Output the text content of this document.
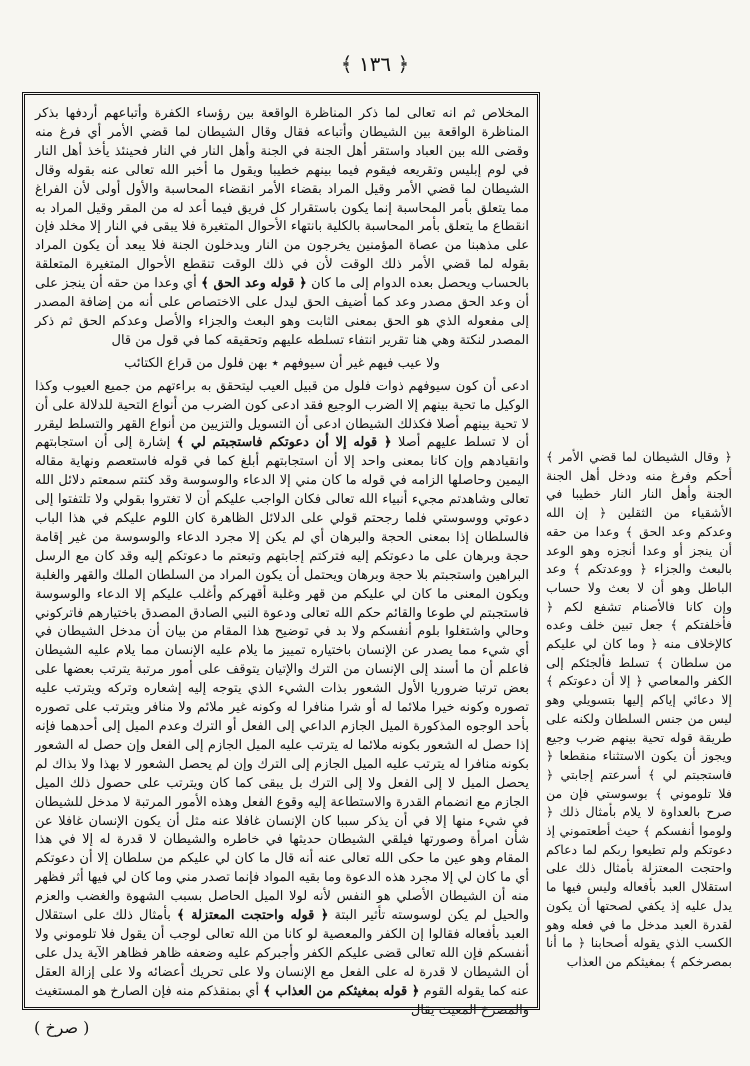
﴿ ١٣٦ ﴾
المخلاص ثم انه تعالى لما ذكر المناظرة الواقعة بين رؤساء الكفرة وأتباعهم أردفها بذكر المناظرة الواقعة بين الشيطان وأتباعه فقال وقال الشيطان لما قضي الأمر أي فرغ منه وقضى الله بين العباد واستقر أهل الجنة في الجنة وأهل النار في النار فحينئذ يأخذ أهل النار في لوم إبليس وتقريعه فيقوم فيما بينهم خطيبا ويقول ما أخبر الله تعالى عنه بقوله وقال الشيطان لما قضي الأمر وقيل المراد بقضاء الأمر انقضاء المحاسبة والأول أولى لأن الفراغ مما يتعلق بأمر المحاسبة إنما يكون باستقرار كل فريق فيما أعد له من المقر وقيل المراد به انقطاع ما يتعلق بأمر المحاسبة بالكلية بانتهاء الأحوال المتغيرة فلا يبقى في النار إلا مخلد فإن على مذهبنا من عصاة المؤمنين يخرجون من النار ويدخلون الجنة فلا يبعد أن يكون المراد بقوله لما قضي الأمر ذلك الوقت لأن في ذلك الوقت تنقطع الأحوال المتغيرة المتعلقة بالحساب ويحصل بعده الدوام إلى ما كان ﴿ قوله وعد الحق ﴾ أي وعدا من حقه أن ينجز على أن وعد الحق مصدر وعد كما أضيف الحق ليدل على الاختصاص على أنه من إضافة المصدر إلى مفعوله الذي هو الحق بمعنى الثابت وهو البعث والجزاء والأصل وعدكم الحق ثم ذكر المصدر لنكتة وهي هنا تقرير انتفاء تسلطه عليهم وتحقيقه كما في قول من قال
ولا عيب فيهم غير أن سيوفهم ٭ بهن فلول من قراع الكتائب
ادعى أن كون سيوفهم ذوات فلول من قبيل العيب ليتحقق به براءتهم من جميع العيوب وكذا الوكيل ما تحية بينهم إلا الضرب الوجيع فقد ادعى كون الضرب من أنواع التحية للدلالة على أن لا تحية بينهم أصلا فكذلك الشيطان ادعى أن التسويل والتزيين من أنواع القهر والتسلط ليقرر أن لا تسلط عليهم أصلا ﴿ قوله إلا أن دعوتكم فاستجبتم لي ﴾ إشارة إلى أن استجابتهم وانقيادهم وإن كانا بمعنى واحد إلا أن استجابتهم أبلغ كما في قوله فاستعصم ونهاية مقاله اليمين وحاصلها الزامه في قوله ما كان مني إلا الدعاء والوسوسة وقد كنتم سمعتم دلائل الله تعالى وشاهدتم مجيء أنبياء الله تعالى فكان الواجب عليكم أن لا تغتروا بقولي ولا تلتفتوا إلى دعوتي ووسوستي فلما رجحتم قولي على الدلائل الظاهرة كان اللوم عليكم في هذا الباب فالسلطان إذا بمعنى الحجة والبرهان أي لم يكن إلا مجرد الدعاء والوسوسة من غير إقامة حجة وبرهان على ما دعوتكم إليه فتركتم إجابتهم وتبعتم ما دعوتكم إليه وقد كان مع الرسل البراهين واستجبتم بلا حجة وبرهان ويحتمل أن يكون المراد من السلطان الملك والقهر والغلبة ويكون المعنى ما كان لي عليكم من قهر وغلبة أقهركم وأغلب عليكم إلا الدعاء والوسوسة فاستجبتم لي طوعا والقائم حكم الله تعالى ودعوة النبي الصادق المصدق باختيارهم فاتركوني وحالي واشتغلوا بلوم أنفسكم ولا بد في توضيح هذا المقام من بيان أن مدخل الشيطان في أي شيء مما يصدر عن الإنسان باختياره تمييز ما يلام عليه الإنسان مما يلام عليه الشيطان فاعلم أن ما أسند إلى الإنسان من الترك والإتيان يتوقف على أمور مرتبة يترتب بعضها على بعض ترتبا ضروريا الأول الشعور بذات الشيء الذي يتوجه إليه إشعاره وتركه ويترتب عليه تصوره وكونه خيرا ملائما له أو شرا منافرا له وكونه غير ملائم ولا منافر ويترتب على تصوره بأحد الوجوه المذكورة الميل الجازم الداعي إلى الفعل أو الترك وعدم الميل إلى أحدهما فإنه إذا حصل له الشعور بكونه ملائما له يترتب عليه الميل الجازم إلى الفعل وإن حصل له الشعور بكونه منافرا له يترتب عليه الميل الجازم إلى الترك وإن لم يحصل الشعور لا بهذا ولا بذاك لم يحصل الميل لا إلى الفعل ولا إلى الترك بل يبقى كما كان ويترتب على حصول ذلك الميل الجازم مع انضمام القدرة والاستطاعة إليه وقوع الفعل وهذه الأمور المرتبة لا مدخل للشيطان في شيء منها إلا في أن يذكر سببا كان الإنسان غافلا عنه مثل أن يكون الإنسان غافلا عن شأن امرأة وصورتها فيلقي الشيطان حديثها في خاطره والشيطان لا قدرة له إلا في هذا المقام وهو عين ما حكى الله تعالى عنه أنه قال ما كان لي عليكم من سلطان إلا أن دعوتكم أي ما كان لي إلا مجرد هذه الدعوة وما بقيه المواد فإنما تصدر مني وما كان لي فيها أثر فظهر منه أن الشيطان الأصلي هو النفس لأنه لولا الميل الحاصل بسبب الشهوة والغضب والعزم والحيل لم يكن لوسوسته تأثير البتة ﴿ قوله واحتجت المعتزلة ﴾ بأمثال ذلك على استقلال العبد بأفعاله فقالوا إن الكفر والمعصية لو كانا من الله تعالى لوجب أن يقول فلا تلوموني ولا أنفسكم فإن الله تعالى قضى عليكم الكفر وأجبركم عليه وضعفه ظاهر فظاهر الآية يدل على أن الشيطان لا قدرة له على الفعل مع الإنسان ولا على تحريك أعضائه ولا على إزالة العقل عنه كما يقوله القوم ﴿ قوله بمغيثكم من العذاب ﴾ أي بمنقذكم منه فإن الصارخ هو المستغيث والمصرخ المغيث يقال
﴿ وقال الشيطان لما قضي الأمر ﴾ أحكم وفرغ منه ودخل أهل الجنة الجنة وأهل النار النار خطيبا في الأشقياء من الثقلين ﴿ إن الله وعدكم وعد الحق ﴾ وعدا من حقه أن ينجز أو وعدا أنجزه وهو الوعد بالبعث والجزاء ﴿ ووعدتكم ﴾ وعد الباطل وهو أن لا بعث ولا حساب وإن كانا فالأصنام تشفع لكم ﴿ فأخلفتكم ﴾ جعل تبين خلف وعده كالإخلاف منه ﴿ وما كان لي عليكم من سلطان ﴾ تسلط فألجئكم إلى الكفر والمعاصي ﴿ إلا أن دعوتكم ﴾ إلا دعائي إياكم إليها بتسويلي وهو ليس من جنس السلطان ولكنه على طريقة قوله تحية بينهم ضرب وجيع ويجوز أن يكون الاستثناء منقطعا ﴿ فاستجبتم لي ﴾ أسرعتم إجابتي ﴿ فلا تلوموني ﴾ بوسوستي فإن من صرح بالعداوة لا يلام بأمثال ذلك ﴿ ولوموا أنفسكم ﴾ حيث أطعتموني إذ دعوتكم ولم تطيعوا ربكم لما دعاكم واحتجت المعتزلة بأمثال ذلك على استقلال العبد بأفعاله وليس فيها ما يدل عليه إذ يكفي لصحتها أن يكون لقدرة العبد مدخل ما في فعله وهو الكسب الذي يقوله أصحابنا ﴿ ما أنا بمصرخكم ﴾ بمغيثكم من العذاب
( صرخ )
